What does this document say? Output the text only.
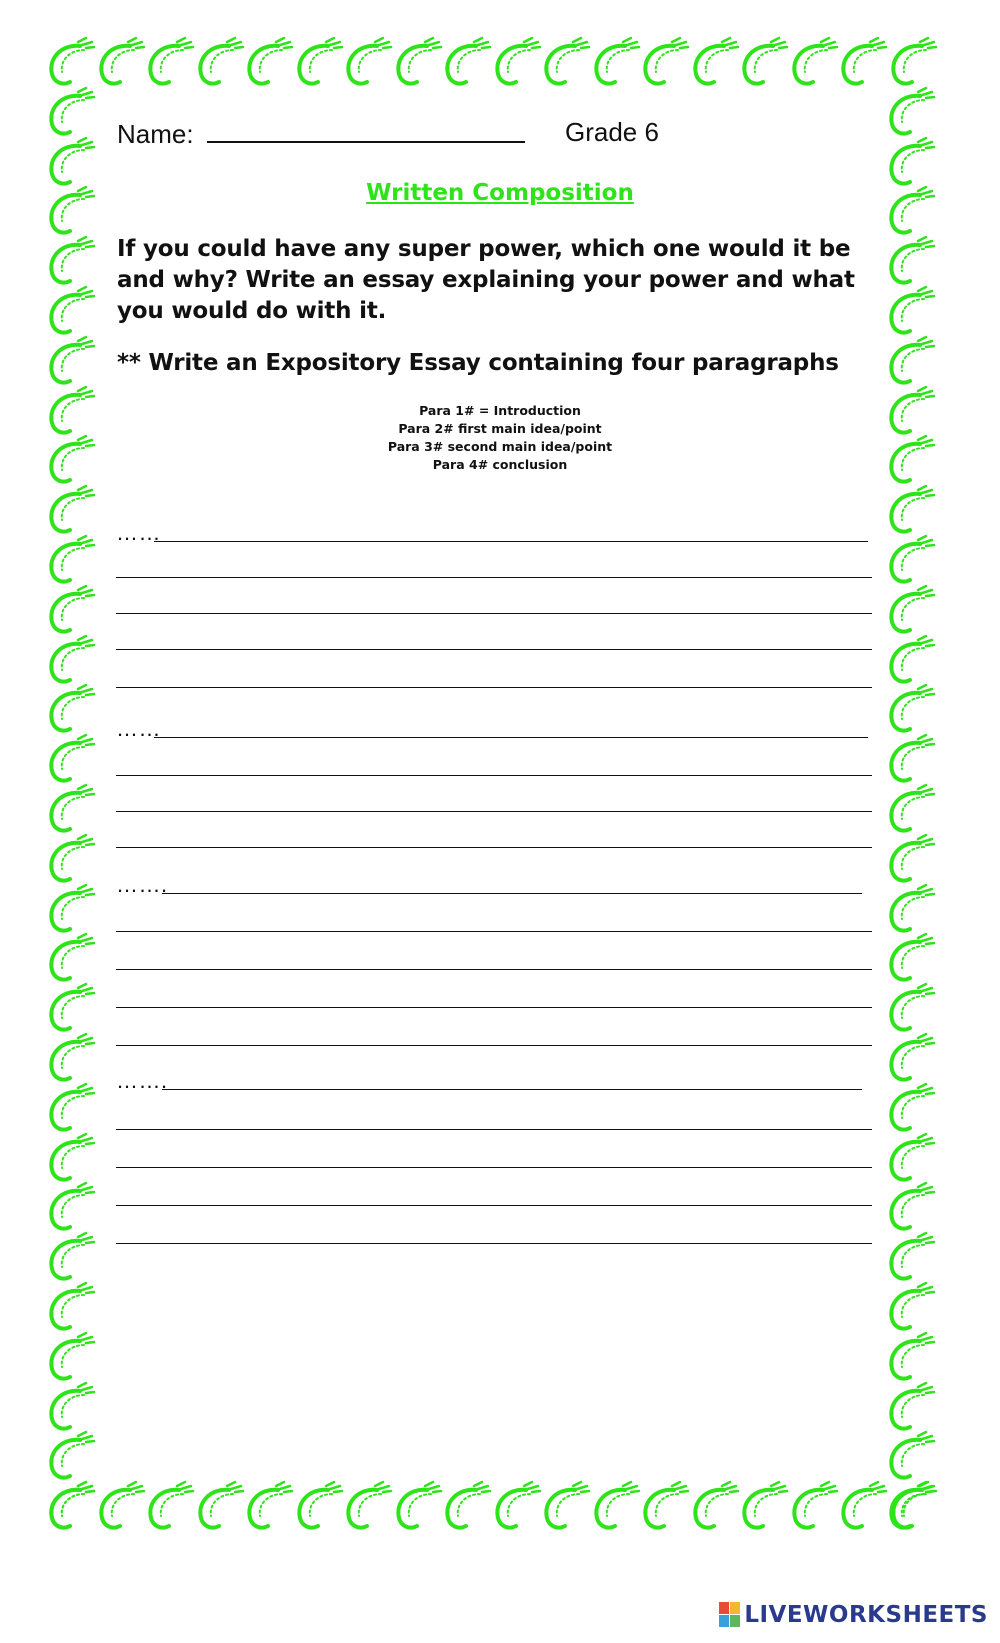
Name:	Grade 6
Written Composition
If you could have any super power, which one would it be and why? Write an essay explaining your power and what you would do with it.
** Write an Expository Essay containing four paragraphs
Para 1# = Introduction
Para 2# first main idea/point
Para 3# second main idea/point
Para 4# conclusion
……
……
…….
…….
LIVEWORKSHEETS
